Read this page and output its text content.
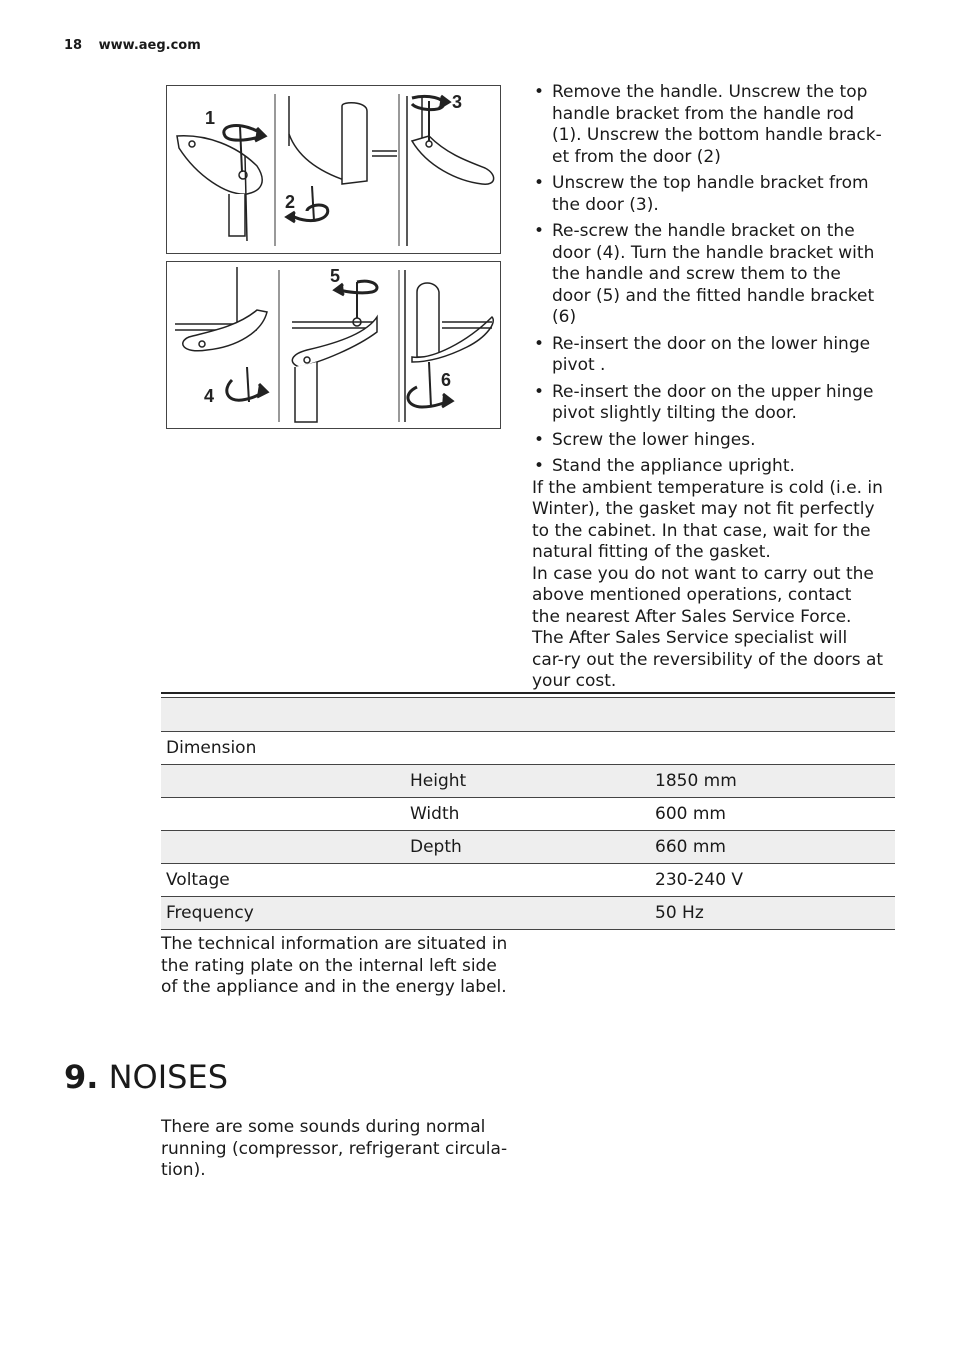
18 www.aeg.com
1
2
3
4
5
6
• Remove the handle. Unscrew the top handle bracket from the handle rod (1). Unscrew the bottom handle brack-et from the door (2)
• Unscrew the top handle bracket from the door (3).
• Re-screw the handle bracket on the door (4). Turn the handle bracket with the handle and screw them to the door (5) and the fitted handle bracket (6)
• Re-insert the door on the lower hinge pivot .
• Re-insert the door on the upper hinge pivot slightly tilting the door.
• Screw the lower hinges.
• Stand the appliance upright.

If the ambient temperature is cold (i.e. in Winter), the gasket may not fit perfectly to the cabinet. In that case, wait for the natural fitting of the gasket.

In case you do not want to carry out the above mentioned operations, contact the nearest After Sales Service Force. The After Sales Service specialist will car-ry out the reversibility of the doors at your cost.

Dimension
Height	1850 mm
Width	600 mm
Depth	660 mm
Voltage	230-240 V
Frequency	50 Hz

The technical information are situated in the rating plate on the internal left side of the appliance and in the energy label.

9. NOISES

There are some sounds during normal running (compressor, refrigerant circula-tion).
